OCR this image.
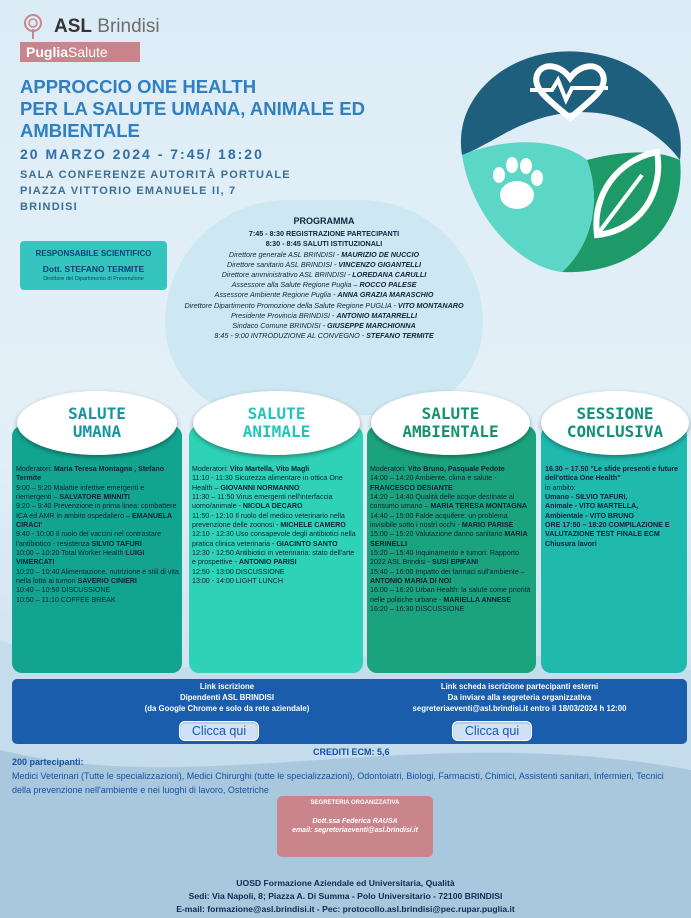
ASL Brindisi
PugliaSalute
APPROCCIO ONE HEALTH
PER LA SALUTE UMANA, ANIMALE ED
AMBIENTALE
20 MARZO 2024 - 7:45/ 18:20
SALA CONFERENZE AUTORITÀ PORTUALE
PIAZZA VITTORIO EMANUELE II, 7
BRINDISI
RESPONSABILE SCIENTIFICO
Dott. STEFANO TERMITE
Direttore del Dipartimento di Prevenzione
PROGRAMMA
7:45 - 8:30 REGISTRAZIONE PARTECIPANTI
8:30 - 8:45 SALUTI ISTITUZIONALI
Direttore generale ASL BRINDISI - MAURIZIO DE NUCCIO
Direttore sanitario ASL BRINDISI - VINCENZO GIGANTELLI
Direttore amministrativo ASL BRINDISI - LOREDANA CARULLI
Assessore alla Salute Regione Puglia – ROCCO PALESE
Assessore Ambiente Regione Puglia - ANNA GRAZIA MARASCHIO
Direttore Dipartimento Promozione della Salute Regione PUGLIA - VITO MONTANARO
Presidente Provincia BRINDISI - ANTONIO MATARRELLI
Sindaco Comune BRINDISI - GIUSEPPE MARCHIONNA
8:45 - 9:00 INTRODUZIONE AL CONVEGNO - STEFANO TERMITE
SALUTE
UMANA
SALUTE
ANIMALE
SALUTE
AMBIENTALE
SESSIONE
CONCLUSIVA
Moderatori: Maria Teresa Montagna , Stefano Termite
9:00 – 9:20 Malattie infettive emergenti e riemergenti – SALVATORE MINNITI
9:20 – 9:40 Prevenzione in prima linea: combattere ICA ed AMR in ambito ospedaliero – EMANUELA CIRACI'
9:40 - 10:00 Il ruolo dei vaccini nel contrastare l'antibiotico - resistenza SILVIO TAFURI
10:00 – 10:20 Total Worker Health LUIGI VIMERCATI
10:20 – 10:40 Alimentazione, nutrizione e stili di vita nella lotta ai tumori SAVERIO CINIERI
10:40 – 10:50 DISCUSSIONE
10:50 – 11:10 COFFEE BREAK
Moderatori: Vito Martella, Vito Magli
11:10 - 11:30 Sicurezza alimentare in ottica One Health – GIOVANNI NORMANNO
11:30 – 11:50 Virus emergenti nell'interfaccia uomo/animale - NICOLA DECARO
11:50 - 12:10 Il ruolo del medico veterinario nella prevenzione delle zoonosi - MICHELE CAMERO
12:10 - 12:30 Uso consapevole degli antibiotici nella pratica clinica veterinaria - GIACINTO SANTO
12:30 - 12:50 Antibiotici in veterinaria: stato dell'arte e prospettive - ANTONIO PARISI
12:50 - 13:00 DISCUSSIONE
13:00 - 14:00 LIGHT LUNCH
Moderatori: Vito Bruno, Pasquale Pedote
14:00 – 14:20 Ambiente, clima e salute - FRANCESCO DESIANTE
14:20 – 14:40 Qualità delle acque destinate al consumo umano – MARIA TERESA MONTAGNA
14:40 – 15:00 Falde acquifere: un problema invisibile sotto i nostri occhi - MARIO PARISE
15:00 – 15:20 Valutazione danno sanitario MARIA SERINELLI
15:20 – 15:40 Inquinamento e tumori: Rapporto 2022 ASL Brindisi - SUSI EPIFANI
15:40 – 16:00 Impatto dei farmaci sull'ambiente – ANTONIO MARIA DI NOI
16:00 – 16:20 Urban Health: la salute come priorità nelle politiche urbane - MARIELLA ANNESE
16:20 – 16:30 DISCUSSIONE
16.30 – 17.50 "Le sfide presenti e future dell'ottica One Health"
in ambito:
Umano - SILVIO TAFURI,
Animale - VITO MARTELLA,
Ambientale - VITO BRUNO
ORE 17:50 – 18:20 COMPILAZIONE E VALUTAZIONE TEST FINALE ECM
Chiusura lavori
Link iscrizione
Dipendenti ASL BRINDISI
(da Google Chrome e solo da rete aziendale)
Link scheda iscrizione partecipanti esterni
Da inviare alla segreteria organizzativa
segreteriaeventi@asl.brindisi.it entro il 18/03/2024 h 12:00
Clicca qui	Clicca qui
CREDITI ECM: 5,6
200 partecipanti:
Medici Veterinari (Tutte le specializzazioni), Medici Chirurghi (tutte le specializzazioni), Odontoiatri, Biologi, Farmacisti, Chimici, Assistenti sanitari, Infermieri, Tecnici della prevenzione nell'ambiente e nei luoghi di lavoro, Ostetriche
SEGRETERIA ORGANIZZATIVA
Dott.ssa Federica RAUSA
email: segreteriaeventi@asl.brindisi.it
UOSD Formazione Aziendale ed Universitaria, Qualità
Sedi: Via Napoli, 8; Piazza A. Di Summa - Polo Universitario - 72100 BRINDISI
E-mail: formazione@asl.brindisi.it - Pec: protocollo.asl.brindisi@pec.rupar.puglia.it
